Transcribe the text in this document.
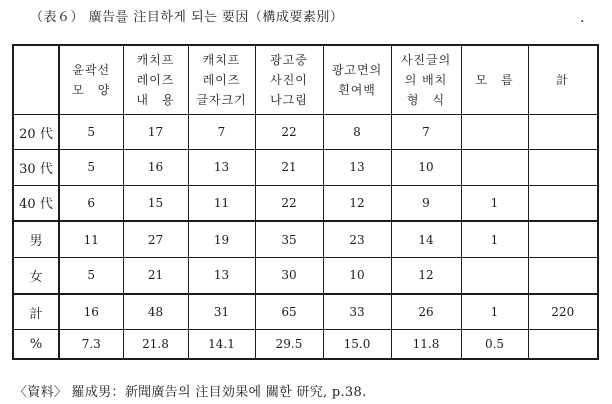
（表６） 廣告를 注目하게 되는 要因（構成要素別）	.

	윤곽선
모　양	캐치프
레이즈
내　용	캐치프
레이즈
글자크기	광고중
사진이
나그림	광고면의
흰여백	사진글의
의 배치
형　식	모　름	計

20 代	5	17	7	22	8	7		
30 代	5	16	13	21	13	10		
40 代	6	15	11	22	12	9	1	
男	11	27	19	35	23	14	1	
女	5	21	13	30	10	12		
計	16	48	31	65	33	26	1	220
%	7.3	21.8	14.1	29.5	15.0	11.8	0.5	
〈資料〉 羅成男：新聞廣告의 注目効果에 關한 研究, p.38.
